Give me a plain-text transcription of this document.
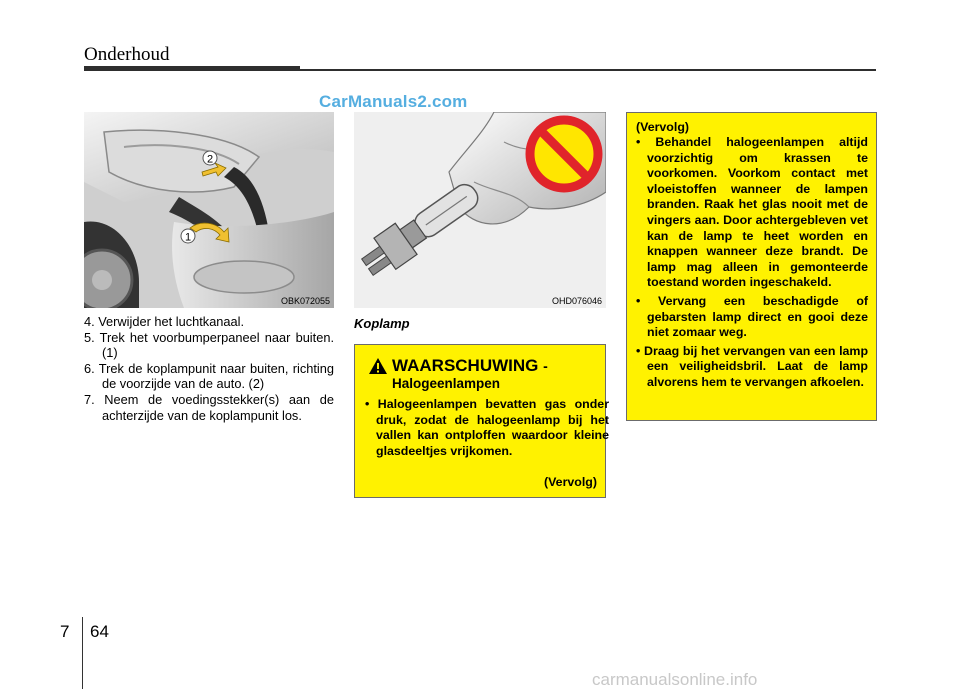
Onderhoud
CarManuals2.com
2
1
OBK072055	OHD076046
4. Verwijder het luchtkanaal.
5. Trek het voorbumperpaneel naar buiten. (1)
6. Trek de koplampunit naar buiten, richting de voorzijde van de auto. (2)
7. Neem de voedingsstekker(s) aan de achterzijde van de koplampunit los.
Koplamp
WAARSCHUWING -
Halogeenlampen
• Halogeenlampen bevatten gas onder druk, zodat de halogeenlamp bij het vallen kan ontploffen waardoor kleine glasdeeltjes vrijkomen.
(Vervolg)
(Vervolg)
• Behandel halogeenlampen altijd voorzichtig om krassen te voorkomen. Voorkom contact met vloeistoffen wanneer de lampen branden. Raak het glas nooit met de vingers aan. Door achtergebleven vet kan de lamp te heet worden en knappen wanneer deze brandt. De lamp mag alleen in gemonteerde toestand worden ingeschakeld.
• Vervang een beschadigde of gebarsten lamp direct en gooi deze niet zomaar weg.
• Draag bij het vervangen van een lamp een veiligheidsbril. Laat de lamp alvorens hem te vervangen afkoelen.
7 64
carmanualsonline.info
